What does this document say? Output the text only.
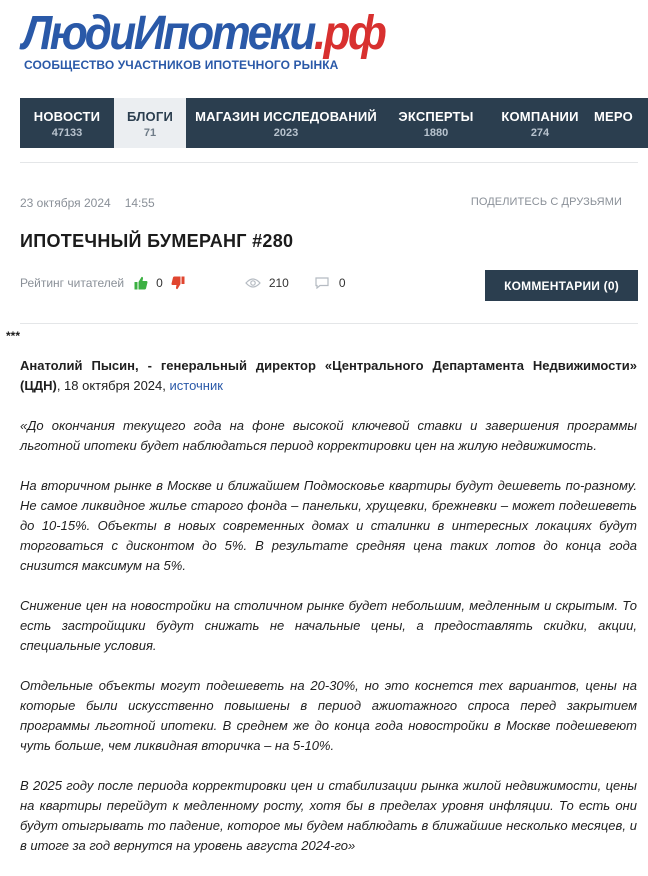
ЛюдиИпотеки.рф
СООБЩЕСТВО УЧАСТНИКОВ ИПОТЕЧНОГО РЫНКА
НОВОСТИ
47133
БЛОГИ
71
МАГАЗИН ИССЛЕДОВАНИЙ
2023
ЭКСПЕРТЫ
1880
КОМПАНИИ
274
МЕРО
23 октября 2024 14:55	ПОДЕЛИТЕСЬ С ДРУЗЬЯМИ
ИПОТЕЧНЫЙ БУМЕРАНГ #280
Рейтинг читателей	0	210	0	КОММЕНТАРИИ (0)
***

Анатолий Пысин, - генеральный директор «Центрального Департамента Недвижимости» (ЦДН), 18 октября 2024, источник

«До окончания текущего года на фоне высокой ключевой ставки и завершения программы льготной ипотеки будет наблюдаться период корректировки цен на жилую недвижимость.

На вторичном рынке в Москве и ближайшем Подмосковье квартиры будут дешеветь по-разному. Не самое ликвидное жилье старого фонда – панельки, хрущевки, брежневки – может подешеветь до 10-15%. Объекты в новых современных домах и сталинки в интересных локациях будут торговаться с дисконтом до 5%. В результате средняя цена таких лотов до конца года снизится максимум на 5%.

Снижение цен на новостройки на столичном рынке будет небольшим, медленным и скрытым. То есть застройщики будут снижать не начальные цены, а предоставлять скидки, акции, специальные условия.

Отдельные объекты могут подешеветь на 20-30%, но это коснется тех вариантов, цены на которые были искусственно повышены в период ажиотажного спроса перед закрытием программы льготной ипотеки. В среднем же до конца года новостройки в Москве подешевеют чуть больше, чем ликвидная вторичка – на 5-10%.

В 2025 году после периода корректировки цен и стабилизации рынка жилой недвижимости, цены на квартиры перейдут к медленному росту, хотя бы в пределах уровня инфляции. То есть они будут отыгрывать то падение, которое мы будем наблюдать в ближайшие несколько месяцев, и в итоге за год вернутся на уровень августа 2024-го»
